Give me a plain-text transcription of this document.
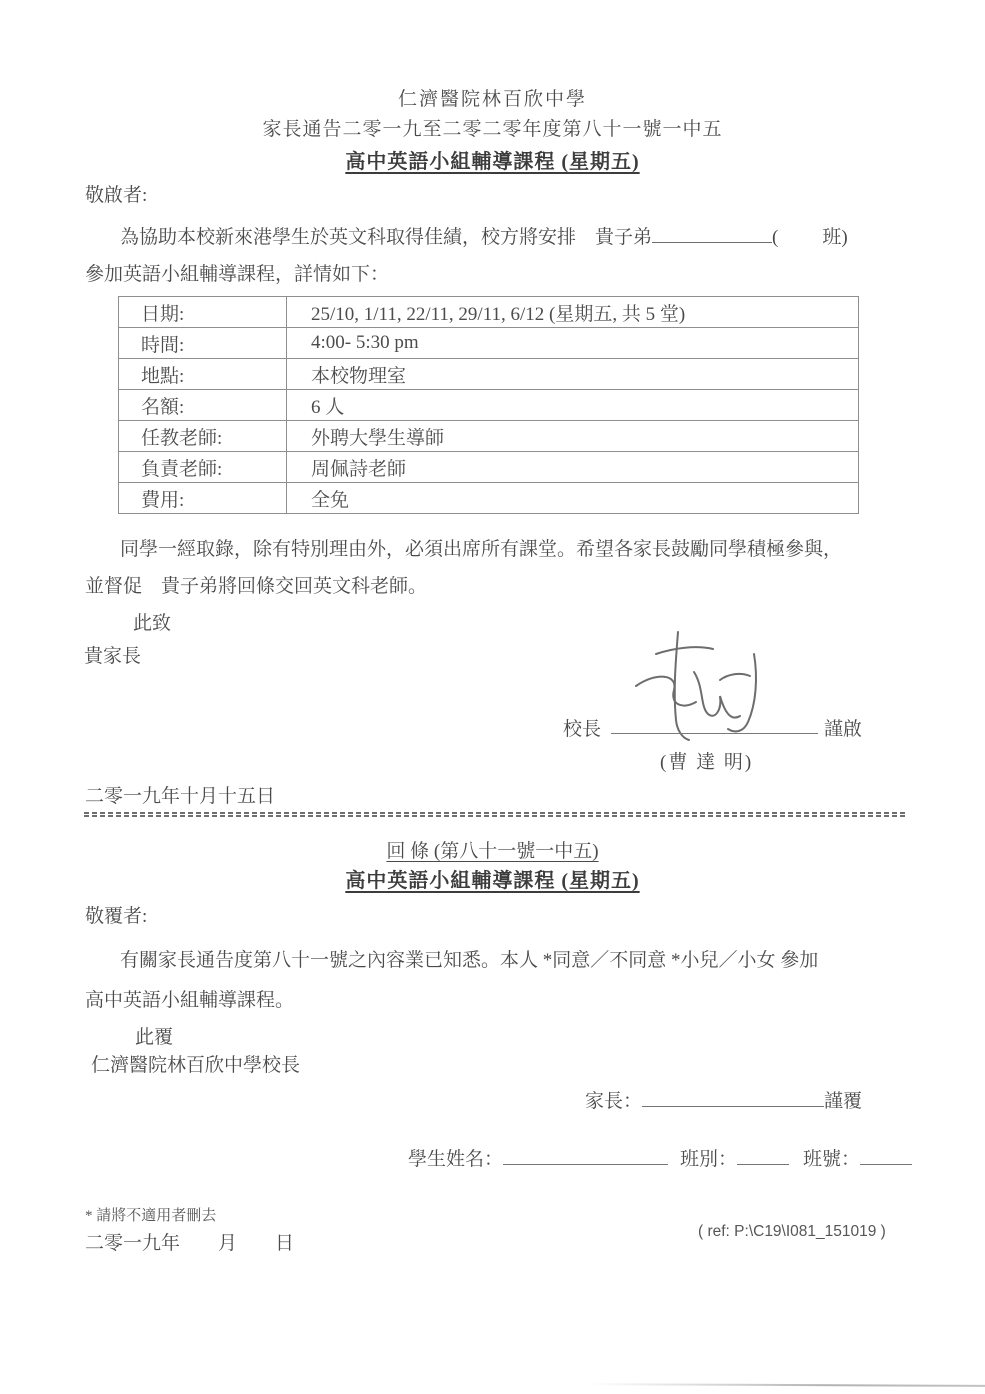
仁濟醫院林百欣中學
家長通告二零一九至二零二零年度第八十一號一中五
高中英語小組輔導課程 (星期五)
敬啟者:
為協助本校新來港學生於英文科取得佳績，校方將安排　貴子弟	( 班)
參加英語小組輔導課程，詳情如下：
日期:	25/10, 1/11, 22/11, 29/11, 6/12 (星期五, 共 5 堂)
時間:	4:00- 5:30 pm
地點:	本校物理室
名額:	6 人
任教老師:	外聘大學生導師
負責老師:	周佩詩老師
費用:	全免
同學一經取錄，除有特別理由外，必須出席所有課堂。希望各家長鼓勵同學積極參與，
並督促　貴子弟將回條交回英文科老師。
此致
貴家長
校長	謹啟
(曹 達 明)
二零一九年十月十五日
回 條 (第八十一號一中五)
高中英語小組輔導課程 (星期五)
敬覆者:
有關家長通告度第八十一號之內容業已知悉。本人 *同意／不同意 *小兒／小女 參加
高中英語小組輔導課程。
此覆
仁濟醫院林百欣中學校長
家長：	謹覆
學生姓名：	班別：	班號：
* 請將不適用者刪去
二零一九年　　月　　日
( ref: P:\C19\I081_151019 )
